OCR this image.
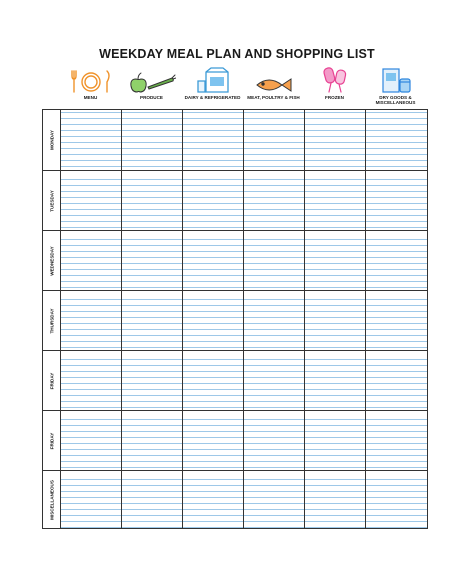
WEEKDAY MEAL PLAN AND SHOPPING LIST
MENU	PRODUCE	DAIRY & REFRIGERATED	MEAT, POULTRY & FISH	FROZEN	DRY GOODS & MISCELLANEOUS
MONDAY
TUESDAY
WEDNESDAY
THURSDAY
FRIDAY
FRIDAY
MISCELLANEOUS
